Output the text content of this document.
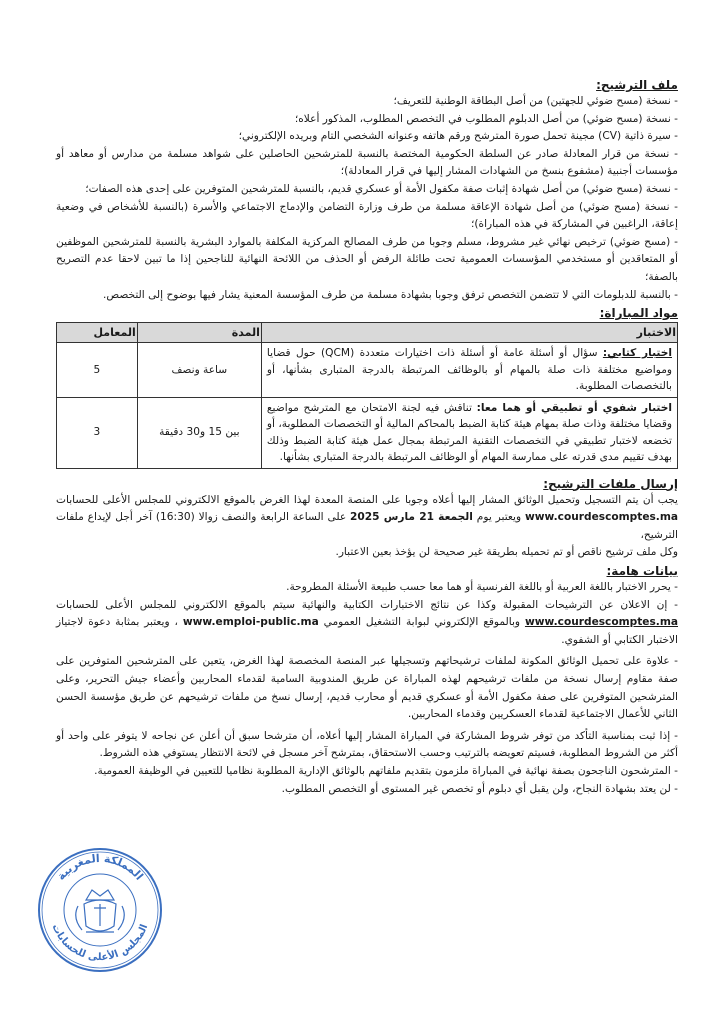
ملف الترشيح:

- نسخة (مسح ضوئي للجهتين) من أصل البطاقة الوطنية للتعريف؛

- نسخة (مسح ضوئي) من أصل الدبلوم المطلوب في التخصص المطلوب، المذكور أعلاه؛

- سيرة ذاتية (CV) مجينة تحمل صورة المترشح ورقم هاتفه وعنوانه الشخصي التام وبريده الإلكتروني؛

- نسخة من قرار المعادلة صادر عن السلطة الحكومية المختصة بالنسبة للمترشحين الحاصلين على شواهد مسلمة من مدارس أو معاهد أو مؤسسات أجنبية (مشفوع بنسخ من الشهادات المشار إليها في قرار المعادلة)؛

- نسخة (مسح ضوئي) من أصل شهادة إثبات صفة مكفول الأمة أو عسكري قديم، بالنسبة للمترشحين المتوفرين على إحدى هذه الصفات؛

- نسخة (مسح ضوئي) من أصل شهادة الإعاقة مسلمة من طرف وزارة التضامن والإدماج الاجتماعي والأسرة (بالنسبة للأشخاص في وضعية إعاقة، الراغبين في المشاركة في هذه المباراة)؛

- (مسح ضوئي) ترخيص نهائي غير مشروط، مسلم وجوبا من طرف المصالح المركزية المكلفة بالموارد البشرية بالنسبة للمترشحين الموظفين أو المتعاقدين أو مستخدمي المؤسسات العمومية تحت طائلة الرفض أو الحذف من اللائحة النهائية للناجحين إذا ما تبين لاحقا عدم التصريح بالصفة؛

- بالنسبة للدبلومات التي لا تتضمن التخصص ترفق وجوبا بشهادة مسلمة من طرف المؤسسة المعنية يشار فيها بوضوح إلى التخصص.

مواد المباراة:
الاختبار	المدة	المعامل
اختبار كتابي: سؤال أو أسئلة عامة أو أسئلة ذات اختيارات متعددة (QCM) حول قضايا ومواضيع مختلفة ذات صلة بالمهام أو بالوظائف المرتبطة بالدرجة المتبارى بشأنها، أو بالتخصصات المطلوبة.	ساعة ونصف	5
اختبار شفوي أو تطبيقي أو هما معا: تناقش فيه لجنة الامتحان مع المترشح مواضيع وقضايا مختلفة وذات صلة بمهام هيئة كتابة الضبط بالمحاكم المالية أو التخصصات المطلوبة، أو تخضعه لاختبار تطبيقي في التخصصات التقنية المرتبطة بمجال عمل هيئة كتابة الضبط وذلك بهدف تقييم مدى قدرته على ممارسة المهام أو الوظائف المرتبطة بالدرجة المتبارى بشأنها.	بين 15 و30 دقيقة	3
إرسال ملفات الترشيح:

يجب أن يتم التسجيل وتحميل الوثائق المشار إليها أعلاه وجوبا على المنصة المعدة لهذا الغرض بالموقع الالكتروني للمجلس الأعلى للحسابات www.courdescomptes.ma ويعتبر يوم الجمعة 21 مارس 2025 على الساعة الرابعة والنصف زوالا (16:30) آخر أجل لإيداع ملفات الترشيح،

وكل ملف ترشيح ناقص أو تم تحميله بطريقة غير صحيحة لن يؤخذ بعين الاعتبار.

بيانات هامة:

- يحرر الاختبار باللغة العربية أو باللغة الفرنسية أو هما معا حسب طبيعة الأسئلة المطروحة.

- إن الاعلان عن الترشيحات المقبولة وكذا عن نتائج الاختبارات الكتابية والنهائية سيتم بالموقع الالكتروني للمجلس الأعلى للحسابات www.courdescomptes.ma وبالموقع الإلكتروني لبوابة التشغيل العمومي www.emploi-public.ma ، ويعتبر بمثابة دعوة لاجتياز الاختبار الكتابي أو الشفوي.

- علاوة على تحميل الوثائق المكونة لملفات ترشيحاتهم وتسجيلها عبر المنصة المخصصة لهذا الغرض، يتعين على المترشحين المتوفرين على صفة مقاوم إرسال نسخة من ملفات ترشيحهم لهذه المباراة عن طريق المندوبية السامية لقدماء المحاربين وأعضاء جيش التحرير، وعلى المترشحين المتوفرين على صفة مكفول الأمة أو عسكري قديم أو محارب قديم، إرسال نسخ من ملفات ترشيحهم عن طريق مؤسسة الحسن الثاني للأعمال الاجتماعية لقدماء العسكريين وقدماء المحاربين.

- إذا ثبت بمناسبة التأكد من توفر شروط المشاركة في المباراة المشار إليها أعلاه، أن مترشحا سبق أن أعلن عن نجاحه لا يتوفر على واحد أو أكثر من الشروط المطلوبة، فسيتم تعويضه بالترتيب وحسب الاستحقاق، بمترشح آخر مسجل في لائحة الانتظار يستوفي هذه الشروط.

- المترشحون الناجحون بصفة نهائية في المباراة ملزمون بتقديم ملفاتهم بالوثائق الإدارية المطلوبة نظاميا للتعيين في الوظيفة العمومية.

- لن يعتد بشهادة النجاح، ولن يقبل أي دبلوم أو تخصص غير المستوى أو التخصص المطلوب.

المملكة المغربية
المجلس الأعلى للحسابات
